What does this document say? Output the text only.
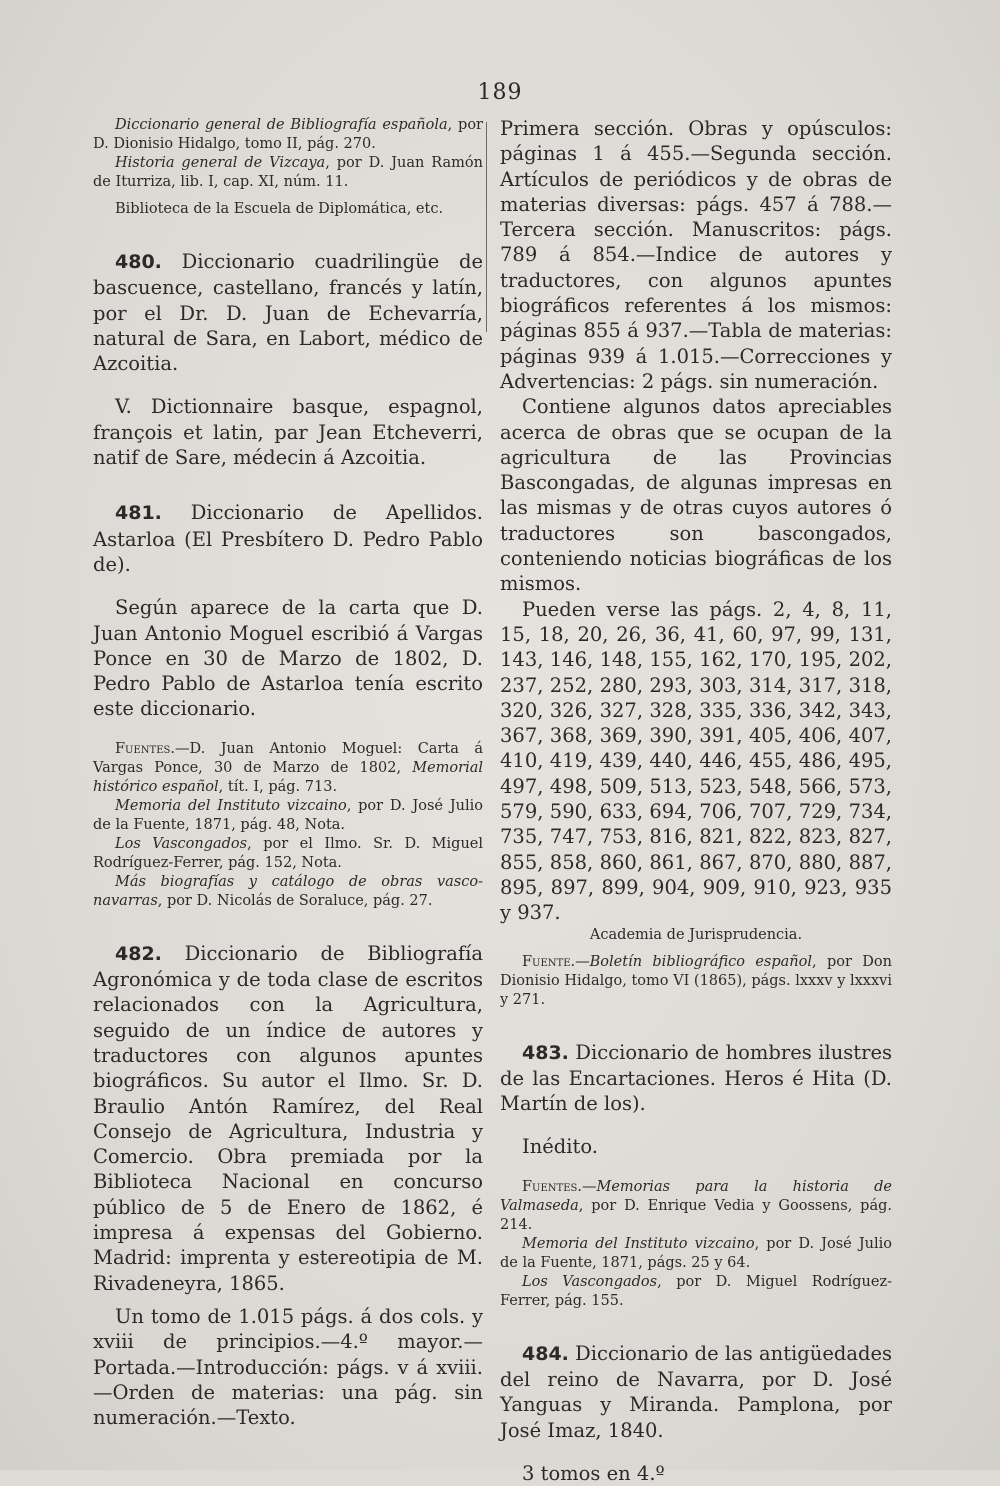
189

Diccionario general de Bibliografía española, por D. Dionisio Hidalgo, tomo II, pág. 270.

Historia general de Vizcaya, por D. Juan Ramón de Iturriza, lib. I, cap. XI, núm. 11.

Biblioteca de la Escuela de Diplomática, etc.

480. Diccionario cuadrilingüe de bascuence, castellano, francés y latín, por el Dr. D. Juan de Echevarría, natural de Sara, en Labort, médico de Azcoitia.

V. Dictionnaire basque, espagnol, françois et latin, par Jean Etcheverri, natif de Sare, médecin á Azcoitia.

481. Diccionario de Apellidos. Astarloa (El Presbítero D. Pedro Pablo de).

Según aparece de la carta que D. Juan Antonio Moguel escribió á Vargas Ponce en 30 de Marzo de 1802, D. Pedro Pablo de Astarloa tenía escrito este diccionario.

Fuentes.—D. Juan Antonio Moguel: Carta á Vargas Ponce, 30 de Marzo de 1802, Memorial histórico español, tít. I, pág. 713.

Memoria del Instituto vizcaino, por D. José Julio de la Fuente, 1871, pág. 48, Nota.

Los Vascongados, por el Ilmo. Sr. D. Miguel Rodríguez-Ferrer, pág. 152, Nota.

Más biografías y catálogo de obras vasco-navarras, por D. Nicolás de Soraluce, pág. 27.

482. Diccionario de Bibliografía Agronómica y de toda clase de escritos relacionados con la Agricultura, seguido de un índice de autores y traductores con algunos apuntes biográficos. Su autor el Ilmo. Sr. D. Braulio Antón Ramírez, del Real Consejo de Agricultura, Industria y Comercio. Obra premiada por la Biblioteca Nacional en concurso público de 5 de Enero de 1862, é impresa á expensas del Gobierno. Madrid: imprenta y estereotipia de M. Rivadeneyra, 1865.

Un tomo de 1.015 págs. á dos cols. y xviii de principios.—4.º mayor.—Portada.—Introducción: págs. v á xviii.—Orden de materias: una pág. sin numeración.—Texto.

Primera sección. Obras y opúsculos: páginas 1 á 455.—Segunda sección. Artículos de periódicos y de obras de materias diversas: págs. 457 á 788.—Tercera sección. Manuscritos: págs. 789 á 854.—Indice de autores y traductores, con algunos apuntes biográficos referentes á los mismos: páginas 855 á 937.—Tabla de materias: páginas 939 á 1.015.—Correcciones y Advertencias: 2 págs. sin numeración.

Contiene algunos datos apreciables acerca de obras que se ocupan de la agricultura de las Provincias Bascongadas, de algunas impresas en las mismas y de otras cuyos autores ó traductores son bascongados, conteniendo noticias biográficas de los mismos.

Pueden verse las págs. 2, 4, 8, 11, 15, 18, 20, 26, 36, 41, 60, 97, 99, 131, 143, 146, 148, 155, 162, 170, 195, 202, 237, 252, 280, 293, 303, 314, 317, 318, 320, 326, 327, 328, 335, 336, 342, 343, 367, 368, 369, 390, 391, 405, 406, 407, 410, 419, 439, 440, 446, 455, 486, 495, 497, 498, 509, 513, 523, 548, 566, 573, 579, 590, 633, 694, 706, 707, 729, 734, 735, 747, 753, 816, 821, 822, 823, 827, 855, 858, 860, 861, 867, 870, 880, 887, 895, 897, 899, 904, 909, 910, 923, 935 y 937.

Academia de Jurisprudencia.

Fuente.—Boletín bibliográfico español, por Don Dionisio Hidalgo, tomo VI (1865), págs. lxxxv y lxxxvi y 271.

483. Diccionario de hombres ilustres de las Encartaciones. Heros é Hita (D. Martín de los).

Inédito.

Fuentes.—Memorias para la historia de Valmaseda, por D. Enrique Vedia y Goossens, pág. 214.

Memoria del Instituto vizcaino, por D. José Julio de la Fuente, 1871, págs. 25 y 64.

Los Vascongados, por D. Miguel Rodríguez-Ferrer, pág. 155.

484. Diccionario de las antigüedades del reino de Navarra, por D. José Yanguas y Miranda. Pamplona, por José Imaz, 1840.

3 tomos en 4.º
